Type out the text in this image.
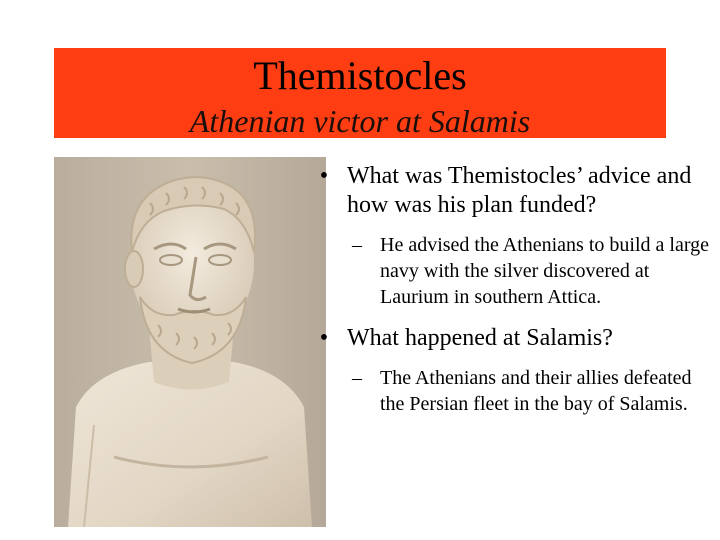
Themistocles
Athenian victor at Salamis
• What was Themistocles’ advice and how was his plan funded?
– He advised the Athenians to build a large navy with the silver discovered at Laurium in southern Attica.
• What happened at Salamis?
– The Athenians and their allies defeated the Persian fleet in the bay of Salamis.
